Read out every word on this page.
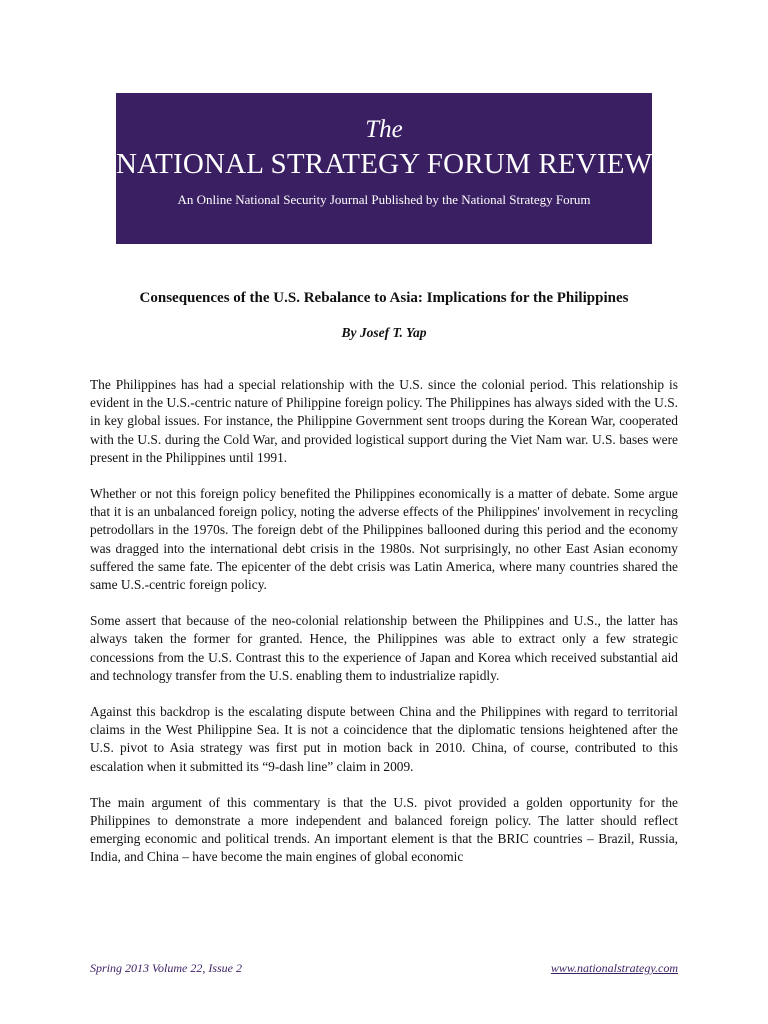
The
NATIONAL STRATEGY FORUM REVIEW
An Online National Security Journal Published by the National Strategy Forum
Consequences of the U.S. Rebalance to Asia: Implications for the Philippines
By Josef T. Yap

The Philippines has had a special relationship with the U.S. since the colonial period. This relationship is evident in the U.S.-centric nature of Philippine foreign policy. The Philippines has always sided with the U.S. in key global issues. For instance, the Philippine Government sent troops during the Korean War, cooperated with the U.S. during the Cold War, and provided logistical support during the Viet Nam war. U.S. bases were present in the Philippines until 1991.

Whether or not this foreign policy benefited the Philippines economically is a matter of debate. Some argue that it is an unbalanced foreign policy, noting the adverse effects of the Philippines' involvement in recycling petrodollars in the 1970s. The foreign debt of the Philippines ballooned during this period and the economy was dragged into the international debt crisis in the 1980s. Not surprisingly, no other East Asian economy suffered the same fate. The epicenter of the debt crisis was Latin America, where many countries shared the same U.S.-centric foreign policy.

Some assert that because of the neo-colonial relationship between the Philippines and U.S., the latter has always taken the former for granted. Hence, the Philippines was able to extract only a few strategic concessions from the U.S. Contrast this to the experience of Japan and Korea which received substantial aid and technology transfer from the U.S. enabling them to industrialize rapidly.

Against this backdrop is the escalating dispute between China and the Philippines with regard to territorial claims in the West Philippine Sea. It is not a coincidence that the diplomatic tensions heightened after the U.S. pivot to Asia strategy was first put in motion back in 2010. China, of course, contributed to this escalation when it submitted its “9-dash line” claim in 2009.

The main argument of this commentary is that the U.S. pivot provided a golden opportunity for the Philippines to demonstrate a more independent and balanced foreign policy. The latter should reflect emerging economic and political trends. An important element is that the BRIC countries – Brazil, Russia, India, and China – have become the main engines of global economic

Spring 2013 Volume 22, Issue 2	www.nationalstrategy.com
